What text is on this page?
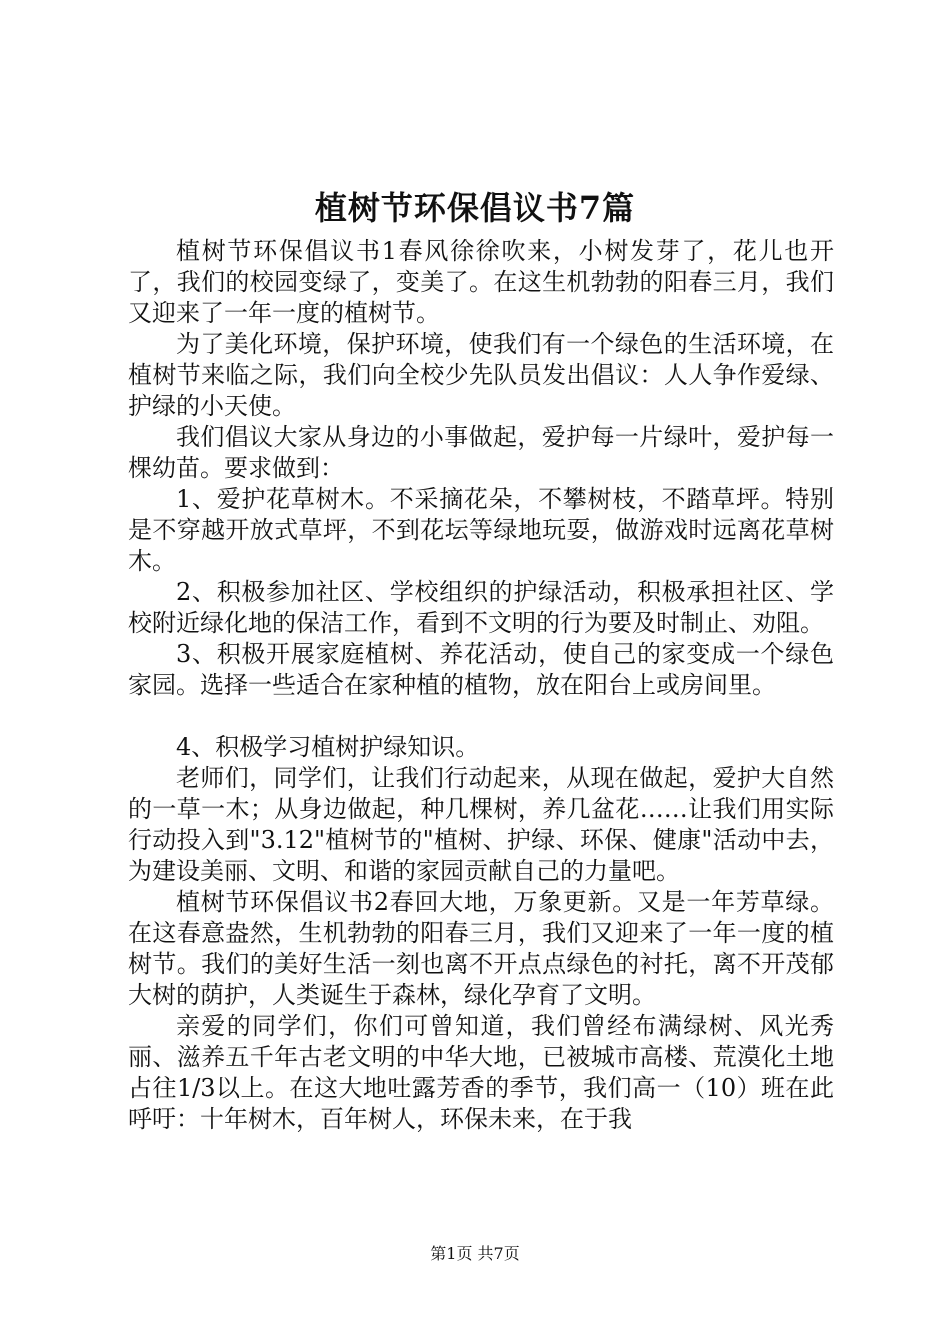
植树节环保倡议书7篇

植树节环保倡议书1春风徐徐吹来，小树发芽了，花儿也开了，我们的校园变绿了，变美了。在这生机勃勃的阳春三月，我们又迎来了一年一度的植树节。

为了美化环境，保护环境，使我们有一个绿色的生活环境，在植树节来临之际，我们向全校少先队员发出倡议：人人争作爱绿、护绿的小天使。

我们倡议大家从身边的小事做起，爱护每一片绿叶，爱护每一棵幼苗。要求做到：

1、爱护花草树木。不采摘花朵，不攀树枝，不踏草坪。特别是不穿越开放式草坪，不到花坛等绿地玩耍，做游戏时远离花草树木。

2、积极参加社区、学校组织的护绿活动，积极承担社区、学校附近绿化地的保洁工作，看到不文明的行为要及时制止、劝阻。

3、积极开展家庭植树、养花活动，使自己的家变成一个绿色家园。选择一些适合在家种植的植物，放在阳台上或房间里。

4、积极学习植树护绿知识。

老师们，同学们，让我们行动起来，从现在做起，爱护大自然的一草一木；从身边做起，种几棵树，养几盆花……让我们用实际行动投入到"3.12"植树节的"植树、护绿、环保、健康"活动中去，为建设美丽、文明、和谐的家园贡献自己的力量吧。

植树节环保倡议书2春回大地，万象更新。又是一年芳草绿。在这春意盎然，生机勃勃的阳春三月，我们又迎来了一年一度的植树节。我们的美好生活一刻也离不开点点绿色的衬托，离不开茂郁大树的荫护，人类诞生于森林，绿化孕育了文明。

亲爱的同学们，你们可曾知道，我们曾经布满绿树、风光秀丽、滋养五千年古老文明的中华大地，已被城市高楼、荒漠化土地占往1/3以上。在这大地吐露芳香的季节，我们高一（10）班在此呼吁：十年树木，百年树人，环保未来，在于我

第1页 共7页
